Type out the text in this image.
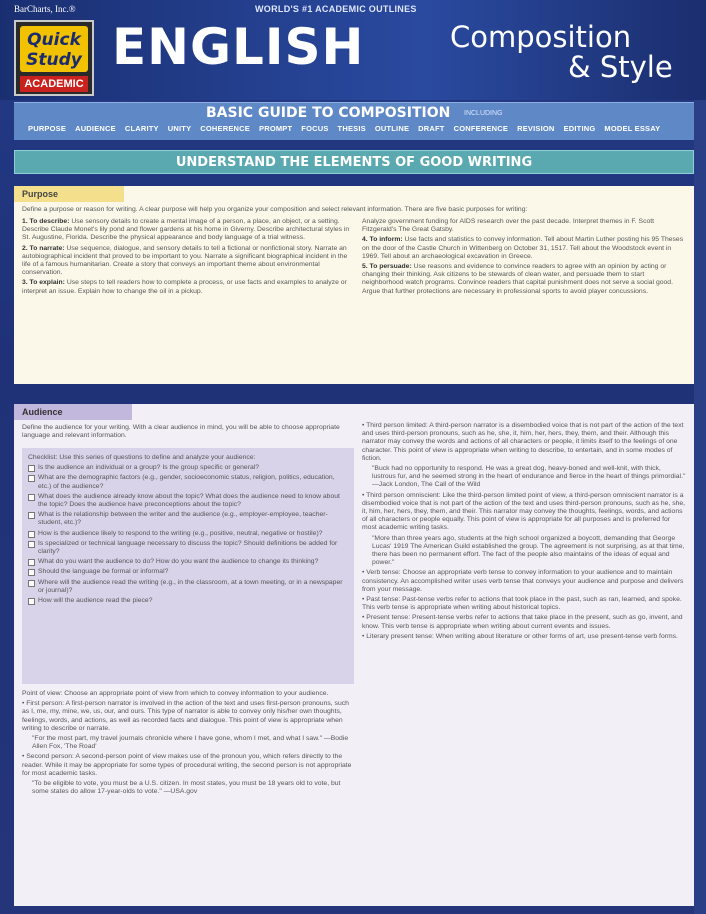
BarCharts, Inc.®	WORLD'S #1 ACADEMIC OUTLINES
Quick Study
ACADEMIC
ENGLISH	Composition
& Style
BASIC GUIDE TO COMPOSITION INCLUDING
PURPOSE AUDIENCE CLARITY UNITY COHERENCE PROMPT FOCUS THESIS OUTLINE DRAFT CONFERENCE REVISION EDITING MODEL ESSAY
UNDERSTAND THE ELEMENTS OF GOOD WRITING
Purpose
Define a purpose or reason for writing. A clear purpose will help you organize your composition and select relevant information. There are five basic purposes for writing:
1. To describe: Use sensory details to create a mental image of a person, a place, an object, or a setting. Describe Claude Monet's lily pond and flower gardens at his home in Giverny. Describe architectural styles in St. Augustine, Florida. Describe the physical appearance and body language of a trial witness.
2. To narrate: Use sequence, dialogue, and sensory details to tell a fictional or nonfictional story. Narrate an autobiographical incident that proved to be important to you. Narrate a significant biographical incident in the life of a famous humanitarian. Create a story that conveys an important theme about environmental conservation.
3. To explain: Use steps to tell readers how to complete a process, or use facts and examples to analyze or interpret an issue. Explain how to change the oil in a pickup.
Analyze government funding for AIDS research over the past decade. Interpret themes in F. Scott Fitzgerald's The Great Gatsby.
4. To inform: Use facts and statistics to convey information. Tell about Martin Luther posting his 95 Theses on the door of the Castle Church in Wittenberg on October 31, 1517. Tell about the Woodstock event in 1969. Tell about an archaeological excavation in Greece.
5. To persuade: Use reasons and evidence to convince readers to agree with an opinion by acting or changing their thinking. Ask citizens to be stewards of clean water, and persuade them to start neighborhood watch programs. Convince readers that capital punishment does not serve a social good. Argue that further protections are necessary in professional sports to avoid player concussions.
Audience
Define the audience for your writing. With a clear audience in mind, you will be able to choose appropriate language and relevant information.

Checklist: Use this series of questions to define and analyze your audience:

Is the audience an individual or a group? Is the group specific or general?

What are the demographic factors (e.g., gender, socioeconomic status, religion, politics, education, etc.) of the audience?

What does the audience already know about the topic? What does the audience need to know about the topic? Does the audience have preconceptions about the topic?

What is the relationship between the writer and the audience (e.g., employer-employee, teacher-student, etc.)?

How is the audience likely to respond to the writing (e.g., positive, neutral, negative or hostile)?

Is specialized or technical language necessary to discuss the topic? Should definitions be added for clarity?

What do you want the audience to do? How do you want the audience to change its thinking?

Should the language be formal or informal?

Where will the audience read the writing (e.g., in the classroom, at a town meeting, or in a newspaper or journal)?

How will the audience read the piece?

Point of view: Choose an appropriate point of view from which to convey information to your audience.

• First person: A first-person narrator is involved in the action of the text and uses first-person pronouns, such as I, me, my, mine, we, us, our, and ours. This type of narrator is able to convey only his/her own thoughts, feelings, words, and actions, as well as recorded facts and dialogue. This point of view is appropriate when writing to describe or narrate.

"For the most part, my travel journals chronicle where I have gone, whom I met, and what I saw." —Bodie Allen Fox, 'The Road'

• Second person: A second-person point of view makes use of the pronoun you, which refers directly to the reader. While it may be appropriate for some types of procedural writing, the second person is not appropriate for most academic tasks.

"To be eligible to vote, you must be a U.S. citizen. In most states, you must be 18 years old to vote, but some states do allow 17-year-olds to vote." —USA.gov

• Third person limited: A third-person narrator is a disembodied voice that is not part of the action of the text and uses third-person pronouns, such as he, she, it, him, her, hers, they, them, and their. Although this narrator may convey the words and actions of all characters or people, it limits itself to the feelings of one character. This point of view is appropriate when writing to describe, to entertain, and in some modes of fiction.

"Buck had no opportunity to respond. He was a great dog, heavy-boned and well-knit, with thick, lustrous fur, and he seemed strong in the heart of endurance and fierce in the heart of things primordial." —Jack London, The Call of the Wild

• Third person omniscient: Like the third-person limited point of view, a third-person omniscient narrator is a disembodied voice that is not part of the action of the text and uses third-person pronouns, such as he, she, it, him, her, hers, they, them, and their. This narrator may convey the thoughts, feelings, words, and actions of all characters or people equally. This point of view is appropriate for all purposes and is preferred for most academic writing tasks.

"More than three years ago, students at the high school organized a boycott, demanding that George Lucas' 1919 The American Guild established the group. The agreement is not surprising, as at that time, there has been no permanent effort. The fact of the people also maintains of the ideas of equal and power."

• Verb tense: Choose an appropriate verb tense to convey information to your audience and to maintain consistency. An accomplished writer uses verb tense that conveys your audience and purpose and delivers from your message.

• Past tense: Past-tense verbs refer to actions that took place in the past, such as ran, learned, and spoke. This verb tense is appropriate when writing about historical topics.

• Present tense: Present-tense verbs refer to actions that take place in the present, such as go, invent, and know. This verb tense is appropriate when writing about current events and issues.

• Literary present tense: When writing about literature or other forms of art, use present-tense verb forms.
